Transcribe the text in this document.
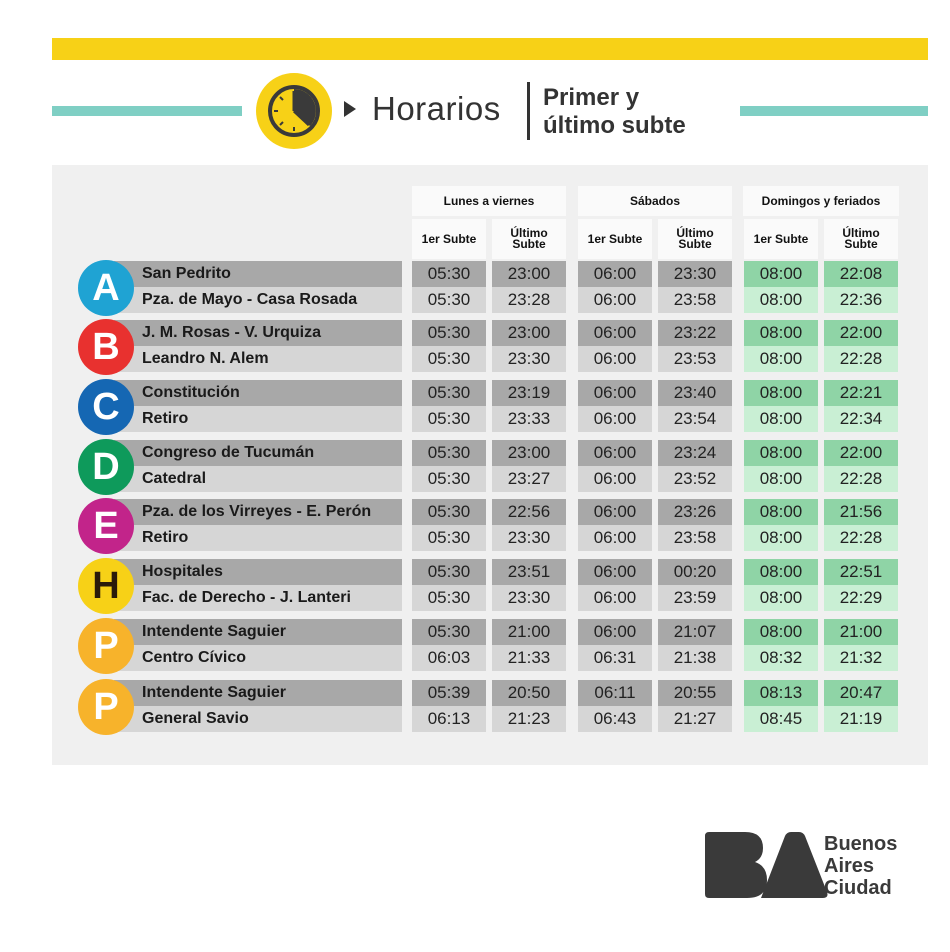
Horarios Primer y
último subte
Lunes a viernes
1er Subte	Último
Subte
Sábados
1er Subte	Último
Subte
Domingos y feriados
1er Subte	Último
Subte
A	San Pedrito	05:30	23:00	06:00	23:30	08:00	22:08
Pza. de Mayo - Casa Rosada	05:30	23:28	06:00	23:58	08:00	22:36
B	J. M. Rosas - V. Urquiza	05:30	23:00	06:00	23:22	08:00	22:00
Leandro N. Alem	05:30	23:30	06:00	23:53	08:00	22:28
C	Constitución	05:30	23:19	06:00	23:40	08:00	22:21
Retiro	05:30	23:33	06:00	23:54	08:00	22:34
D	Congreso de Tucumán	05:30	23:00	06:00	23:24	08:00	22:00
Catedral	05:30	23:27	06:00	23:52	08:00	22:28
E	Pza. de los Virreyes - E. Perón	05:30	22:56	06:00	23:26	08:00	21:56
Retiro	05:30	23:30	06:00	23:58	08:00	22:28
H	Hospitales	05:30	23:51	06:00	00:20	08:00	22:51
Fac. de Derecho - J. Lanteri	05:30	23:30	06:00	23:59	08:00	22:29
P	Intendente Saguier	05:30	21:00	06:00	21:07	08:00	21:00
Centro Cívico	06:03	21:33	06:31	21:38	08:32	21:32
P	Intendente Saguier	05:39	20:50	06:11	20:55	08:13	20:47
General Savio	06:13	21:23	06:43	21:27	08:45	21:19
Buenos
Aires
Ciudad
